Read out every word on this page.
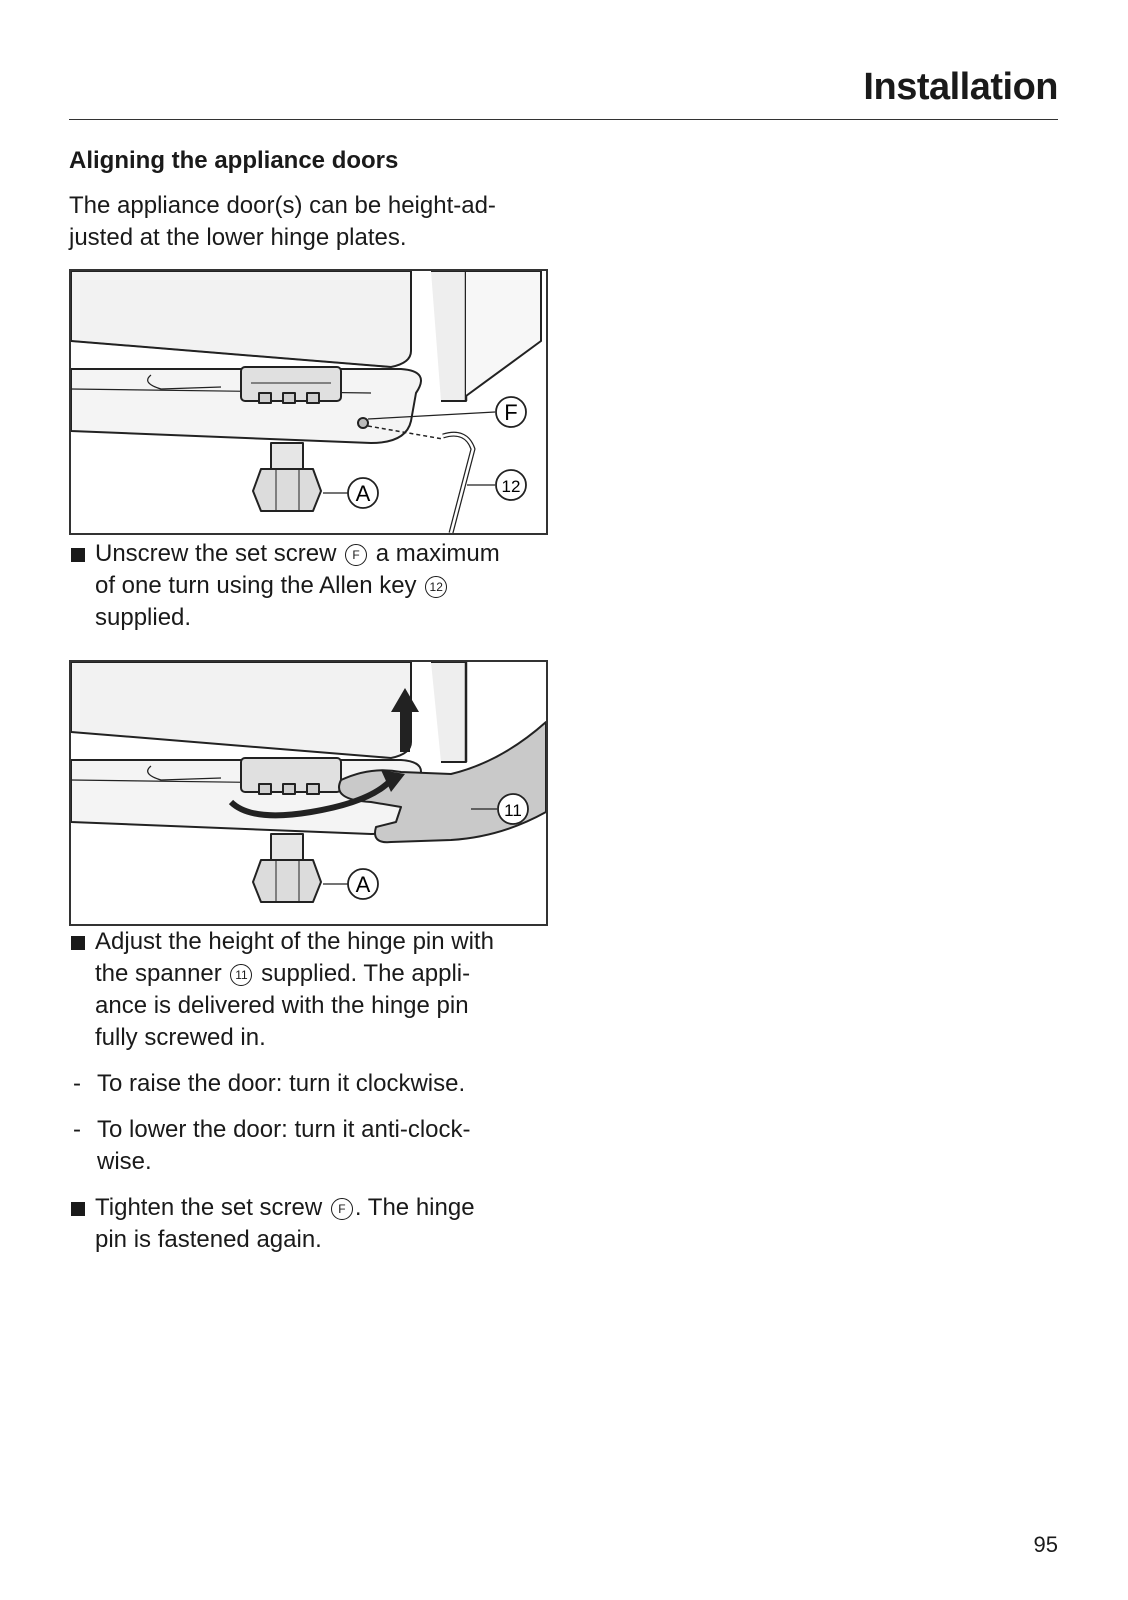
Installation
Aligning the appliance doors
The appliance door(s) can be height-ad-
justed at the lower hinge plates.
F
12
A
Unscrew the set screw F a maximum
of one turn using the Allen key 12
supplied.
11
A
Adjust the height of the hinge pin with
the spanner 11 supplied. The appli-
ance is delivered with the hinge pin
fully screwed in.
- To raise the door: turn it clockwise.
- To lower the door: turn it anti-clock-
wise.
Tighten the set screw F . The hinge
pin is fastened again.
95
